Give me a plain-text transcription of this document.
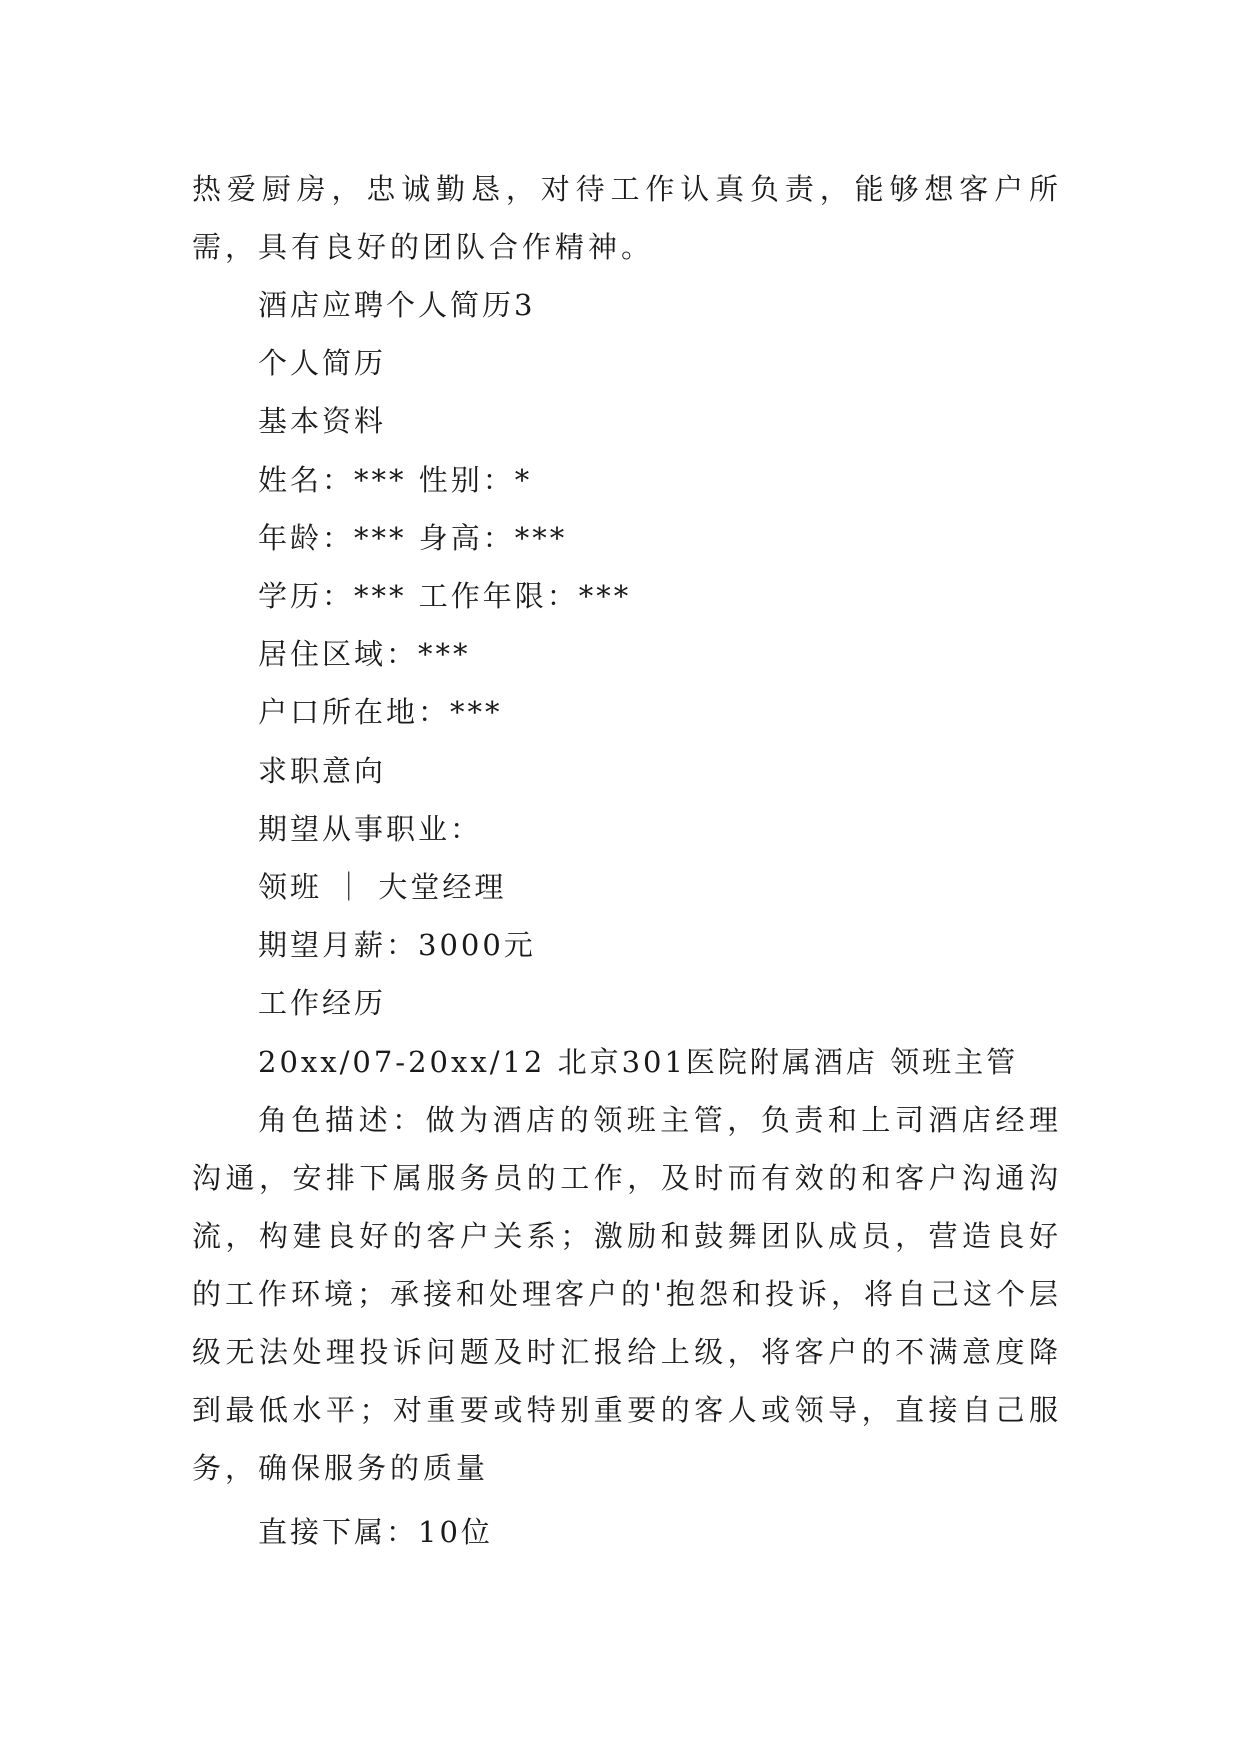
热爱厨房，忠诚勤恳，对待工作认真负责，能够想客户所需，具有良好的团队合作精神。

酒店应聘个人简历3

个人简历

基本资料

姓名：*** 性别：*

年龄：*** 身高：***

学历：*** 工作年限：***

居住区域：***

户口所在地：***

求职意向

期望从事职业：

领班 ｜ 大堂经理

期望月薪：3000元

工作经历

20xx/07-20xx/12 北京301医院附属酒店 领班主管

角色描述：做为酒店的领班主管，负责和上司酒店经理沟通，安排下属服务员的工作，及时而有效的和客户沟通沟流，构建良好的客户关系；激励和鼓舞团队成员，营造良好的工作环境；承接和处理客户的'抱怨和投诉，将自己这个层级无法处理投诉问题及时汇报给上级，将客户的不满意度降到最低水平；对重要或特别重要的客人或领导，直接自己服务，确保服务的质量

直接下属：10位
